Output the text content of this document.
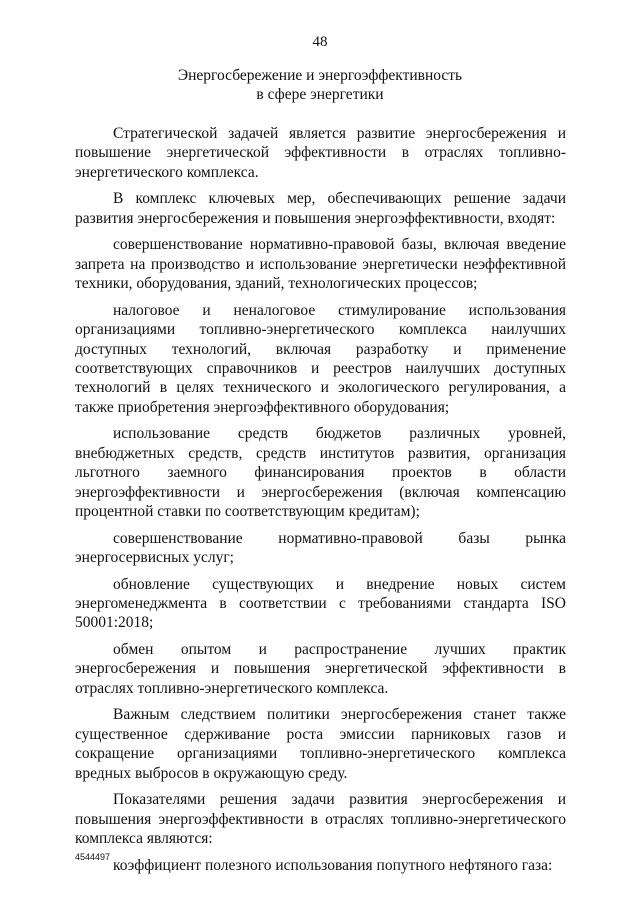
48
Энергосбережение и энергоэффективность
в сфере энергетики

Стратегической задачей является развитие энергосбережения и повышение энергетической эффективности в отраслях топливно-энергетического комплекса.

В комплекс ключевых мер, обеспечивающих решение задачи развития энергосбережения и повышения энергоэффективности, входят:

совершенствование нормативно-правовой базы, включая введение запрета на производство и использование энергетически неэффективной техники, оборудования, зданий, технологических процессов;

налоговое и неналоговое стимулирование использования организациями топливно-энергетического комплекса наилучших доступных технологий, включая разработку и применение соответствующих справочников и реестров наилучших доступных технологий в целях технического и экологического регулирования, а также приобретения энергоэффективного оборудования;

использование средств бюджетов различных уровней, внебюджетных средств, средств институтов развития, организация льготного заемного финансирования проектов в области энергоэффективности и энергосбережения (включая компенсацию процентной ставки по соответствующим кредитам);

совершенствование нормативно-правовой базы рынка энергосервисных услуг;

обновление существующих и внедрение новых систем энергоменеджмента в соответствии с требованиями стандарта ISO 50001:2018;

обмен опытом и распространение лучших практик энергосбережения и повышения энергетической эффективности в отраслях топливно-энергетического комплекса.

Важным следствием политики энергосбережения станет также существенное сдерживание роста эмиссии парниковых газов и сокращение организациями топливно-энергетического комплекса вредных выбросов в окружающую среду.

Показателями решения задачи развития энергосбережения и повышения энергоэффективности в отраслях топливно-энергетического комплекса являются:

коэффициент полезного использования попутного нефтяного газа:

4544497
